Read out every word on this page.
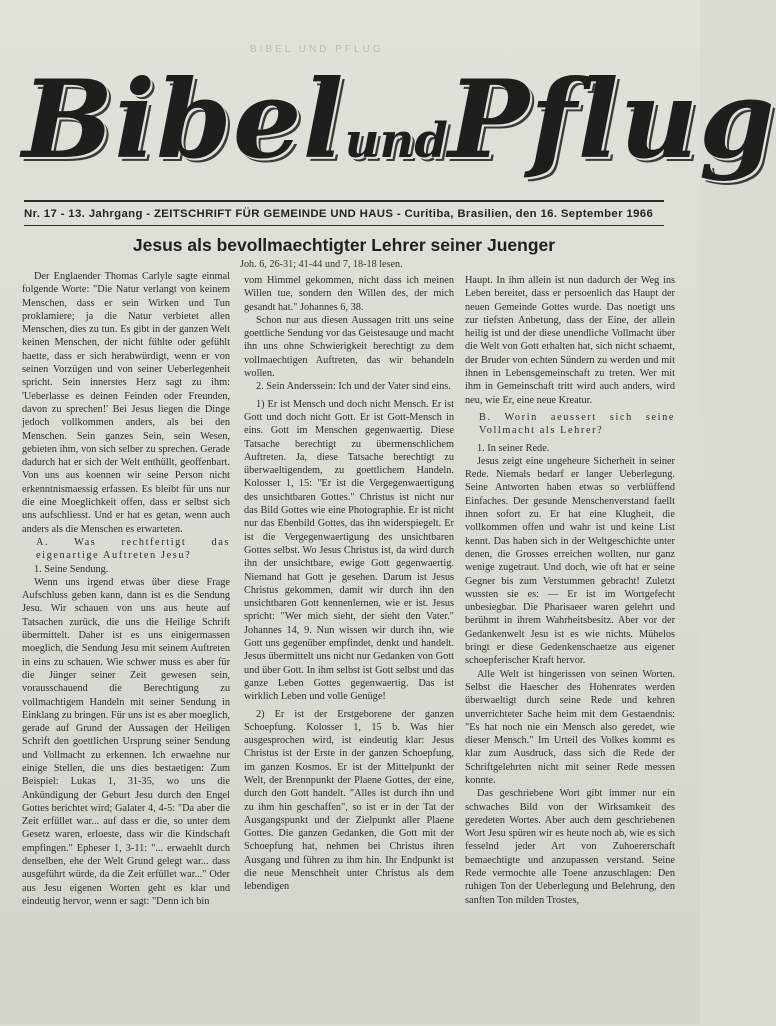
BIBEL UND PFLUG
BibelundPflug
Nr. 17 - 13. Jahrgang - ZEITSCHRIFT FÜR GEMEINDE UND HAUS - Curitiba, Brasilien, den 16. September 1966
Jesus als bevollmaechtigter Lehrer seiner Juenger
Joh. 6, 26-31; 41-44 und 7, 18-18 lesen.

Der Englaender Thomas Carlyle sagte einmal folgende Worte: "Die Natur verlangt von keinem Menschen, dass er sein Wirken und Tun proklamiere; ja die Natur verbietet allen Menschen, dies zu tun. Es gibt in der ganzen Welt keinen Menschen, der nicht fühlte oder gefühlt haette, dass er sich herabwürdigt, wenn er von seinen Vorzügen und von seiner Ueberlegenheit spricht. Sein innerstes Herz sagt zu ihm: 'Ueberlasse es deinen Feinden oder Freunden, davon zu sprechen!' Bei Jesus liegen die Dinge jedoch vollkommen anders, als bei den Menschen. Sein ganzes Sein, sein Wesen, gebieten ihm, von sich selber zu sprechen. Gerade dadurch hat er sich der Welt enthüllt, geoffenbart. Von uns aus koennen wir seine Person nicht erkenntnismaessig erfassen. Es bleibt für uns nur die eine Moeglichkeit offen, dass er selbst sich uns aufschliesst. Und er hat es getan, wenn auch anders als die Menschen es erwarteten.

A. Was rechtfertigt das eigenartige Auftreten Jesu?

1. Seine Sendung.

Wenn uns irgend etwas über diese Frage Aufschluss geben kann, dann ist es die Sendung Jesu. Wir schauen von uns aus heute auf Tatsachen zurück, die uns die Heilige Schrift übermittelt. Daher ist es uns einigermassen moeglich, die Sendung Jesu mit seinem Auftreten in eins zu schauen. Wie schwer muss es aber für die Jünger seiner Zeit gewesen sein, vorausschauend die Berechtigung zu vollmachtigem Handeln mit seiner Sendung in Einklang zu bringen. Für uns ist es aber moeglich, gerade auf Grund der Aussagen der Heiligen Schrift den goettlichen Ursprung seiner Sendung und Vollmacht zu erkennen. Ich erwaehne nur einige Stellen, die uns dies bestaetigen: Zum Beispiel: Lukas 1, 31-35, wo uns die Ankündigung der Geburt Jesu durch den Engel Gottes berichtet wird; Galater 4, 4-5: "Da aber die Zeit erfüllet war... auf dass er die, so unter dem Gesetz waren, erloeste, dass wir die Kindschaft empfingen." Epheser 1, 3-11: "... erwaehlt durch denselben, ehe der Welt Grund gelegt war... dass ausgeführt würde, da die Zeit erfüllet war..." Oder aus Jesu eigenen Worten geht es klar und eindeutig hervor, wenn er sagt: "Denn ich bin

vom Himmel gekommen, nicht dass ich meinen Willen tue, sondern den Willen des, der mich gesandt hat." Johannes 6, 38.

Schon nur aus diesen Aussagen tritt uns seine goettliche Sendung vor das Geistesauge und macht ihn uns ohne Schwierigkeit berechtigt zu dem vollmaechtigen Auftreten, das wir behandeln wollen.

2. Sein Anderssein: Ich und der Vater sind eins.

1) Er ist Mensch und doch nicht Mensch. Er ist Gott und doch nicht Gott. Er ist Gott-Mensch in eins. Gott im Menschen gegenwaertig. Diese Tatsache berechtigt zu übermenschlichem Auftreten. Ja, diese Tatsache berechtigt zu überwaeltigendem, zu goettlichem Handeln. Kolosser 1, 15: "Er ist die Vergegenwaertigung des unsichtbaren Gottes." Christus ist nicht nur das Bild Gottes wie eine Photographie. Er ist nicht nur das Ebenbild Gottes, das ihn widerspiegelt. Er ist die Vergegenwaertigung des unsichtbaren Gottes selbst. Wo Jesus Christus ist, da wird durch ihn der unsichtbare, ewige Gott gegenwaertig. Niemand hat Gott je gesehen. Darum ist Jesus Christus gekommen, damit wir durch ihn den unsichtbaren Gott kennenlernen, wie er ist. Jesus spricht: "Wer mich sieht, der sieht den Vater." Johannes 14, 9. Nun wissen wir durch ihn, wie Gott uns gegenüber empfindet, denkt und handelt. Jesus übermittelt uns nicht nur Gedanken von Gott und über Gott. In ihm selbst ist Gott selbst und das ganze Leben Gottes gegenwaertig. Das ist wirklich Leben und volle Genüge!

2) Er ist der Erstgeborene der ganzen Schoepfung. Kolosser 1, 15 b. Was hier ausgesprochen wird, ist eindeutig klar: Jesus Christus ist der Erste in der ganzen Schoepfung, im ganzen Kosmos. Er ist der Mittelpunkt der Welt, der Brennpunkt der Plaene Gottes, der eine, durch den Gott handelt. "Alles ist durch ihn und zu ihm hin geschaffen", so ist er in der Tat der Ausgangspunkt und der Zielpunkt aller Plaene Gottes. Die ganzen Gedanken, die Gott mit der Schoepfung hat, nehmen bei Christus ihren Ausgang und führen zu ihm hin. Ihr Endpunkt ist die neue Menschheit unter Christus als dem lebendigen

Haupt. In ihm allein ist nun dadurch der Weg ins Leben bereitet, dass er persoenlich das Haupt der neuen Gemeinde Gottes wurde. Das noetigt uns zur tiefsten Anbetung, dass der Eine, der allein heilig ist und der diese unendliche Vollmacht über die Welt von Gott erhalten hat, sich nicht schaemt, der Bruder von echten Sündern zu werden und mit ihnen in Lebensgemeinschaft zu treten. Wer mit ihm in Gemeinschaft tritt wird auch anders, wird neu, wie Er, eine neue Kreatur.

B. Worin aeussert sich seine Vollmacht als Lehrer?

1. In seiner Rede.

Jesus zeigt eine ungeheure Sicherheit in seiner Rede. Niemals bedarf er langer Ueberlegung. Seine Antworten haben etwas so verblüffend Einfaches. Der gesunde Menschenverstand faellt ihnen sofort zu. Er hat eine Klugheit, die vollkommen offen und wahr ist und keine List kennt. Das haben sich in der Weltgeschichte unter denen, die Grosses erreichen wollten, nur ganz wenige zugetraut. Und doch, wie oft hat er seine Gegner bis zum Verstummen gebracht! Zuletzt wussten sie es: — Er ist im Wortgefecht unbesiegbar. Die Pharisaeer waren gelehrt und berühmt in ihrem Wahrheitsbesitz. Aber vor der Gedankenwelt Jesu ist es wie nichts. Mühelos bringt er diese Gedenkenschaetze aus eigener schoepferischer Kraft hervor.

Alle Welt ist hingerissen von seinen Worten. Selbst die Haescher des Hohenrates werden überwaeltigt durch seine Rede und kehren unverrichteter Sache heim mit dem Gestaendnis: "Es hat noch nie ein Mensch also geredet, wie dieser Mensch." Im Urteil des Volkes kommt es klar zum Ausdruck, dass sich die Rede der Schriftgelehrten nicht mit seiner Rede messen konnte.

Das geschriebene Wort gibt immer nur ein schwaches Bild von der Wirksamkeit des geredeten Wortes. Aber auch dem geschriebenen Wort Jesu spüren wir es heute noch ab, wie es sich fesselnd jeder Art von Zuhoererschaft bemaechtigte und anzupassen verstand. Seine Rede vermochte alle Toene anzuschlagen: Den ruhigen Ton der Ueberlegung und Belehrung, den sanften Ton milden Trostes,
